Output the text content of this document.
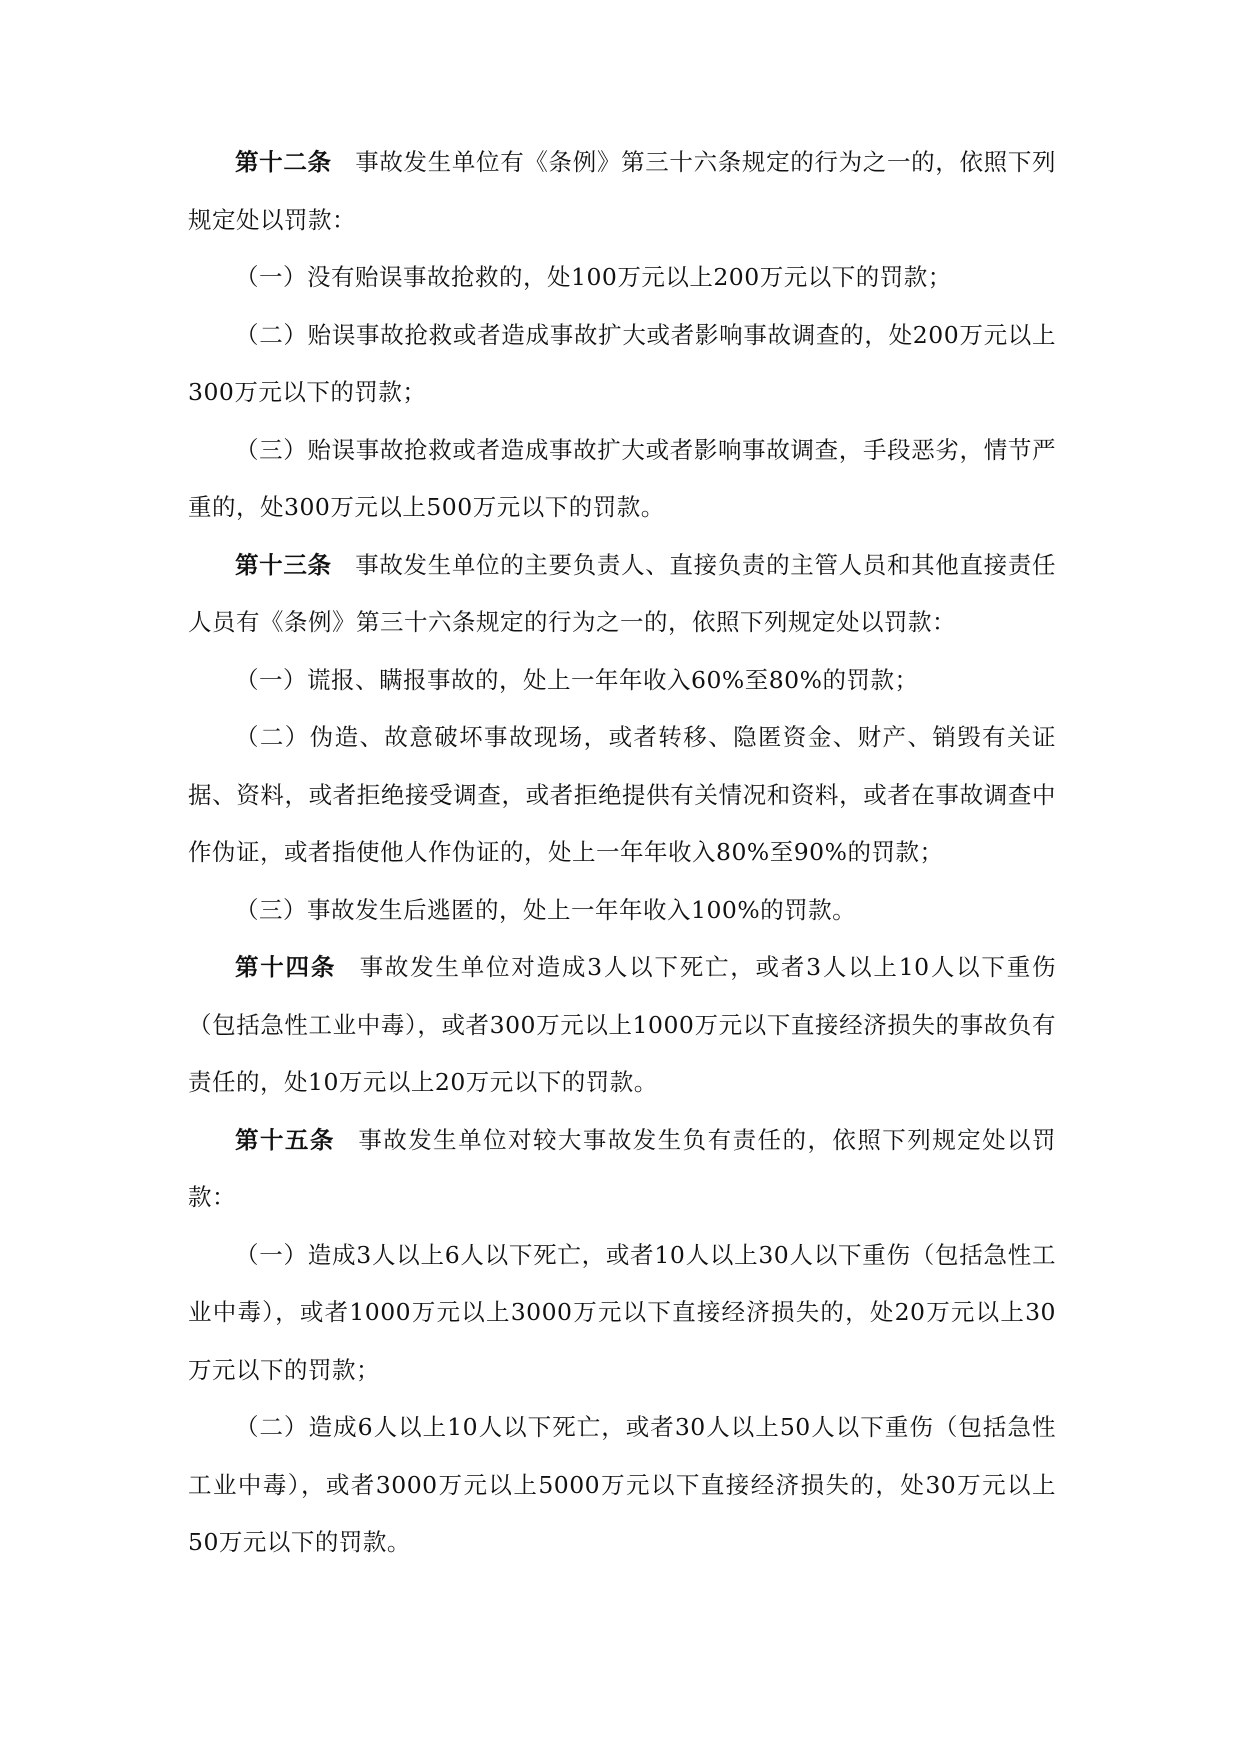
第十二条 事故发生单位有《条例》第三十六条规定的行为之一的，依照下列规定处以罚款：

（一）没有贻误事故抢救的，处100万元以上200万元以下的罚款；

（二）贻误事故抢救或者造成事故扩大或者影响事故调查的，处200万元以上300万元以下的罚款；

（三）贻误事故抢救或者造成事故扩大或者影响事故调查，手段恶劣，情节严重的，处300万元以上500万元以下的罚款。

第十三条 事故发生单位的主要负责人、直接负责的主管人员和其他直接责任人员有《条例》第三十六条规定的行为之一的，依照下列规定处以罚款：

（一）谎报、瞒报事故的，处上一年年收入60%至80%的罚款；

（二）伪造、故意破坏事故现场，或者转移、隐匿资金、财产、销毁有关证据、资料，或者拒绝接受调查，或者拒绝提供有关情况和资料，或者在事故调查中作伪证，或者指使他人作伪证的，处上一年年收入80%至90%的罚款；

（三）事故发生后逃匿的，处上一年年收入100%的罚款。

第十四条 事故发生单位对造成3人以下死亡，或者3人以上10人以下重伤（包括急性工业中毒），或者300万元以上1000万元以下直接经济损失的事故负有责任的，处10万元以上20万元以下的罚款。

第十五条 事故发生单位对较大事故发生负有责任的，依照下列规定处以罚款：

（一）造成3人以上6人以下死亡，或者10人以上30人以下重伤（包括急性工业中毒），或者1000万元以上3000万元以下直接经济损失的，处20万元以上30万元以下的罚款；

（二）造成6人以上10人以下死亡，或者30人以上50人以下重伤（包括急性工业中毒），或者3000万元以上5000万元以下直接经济损失的，处30万元以上50万元以下的罚款。
